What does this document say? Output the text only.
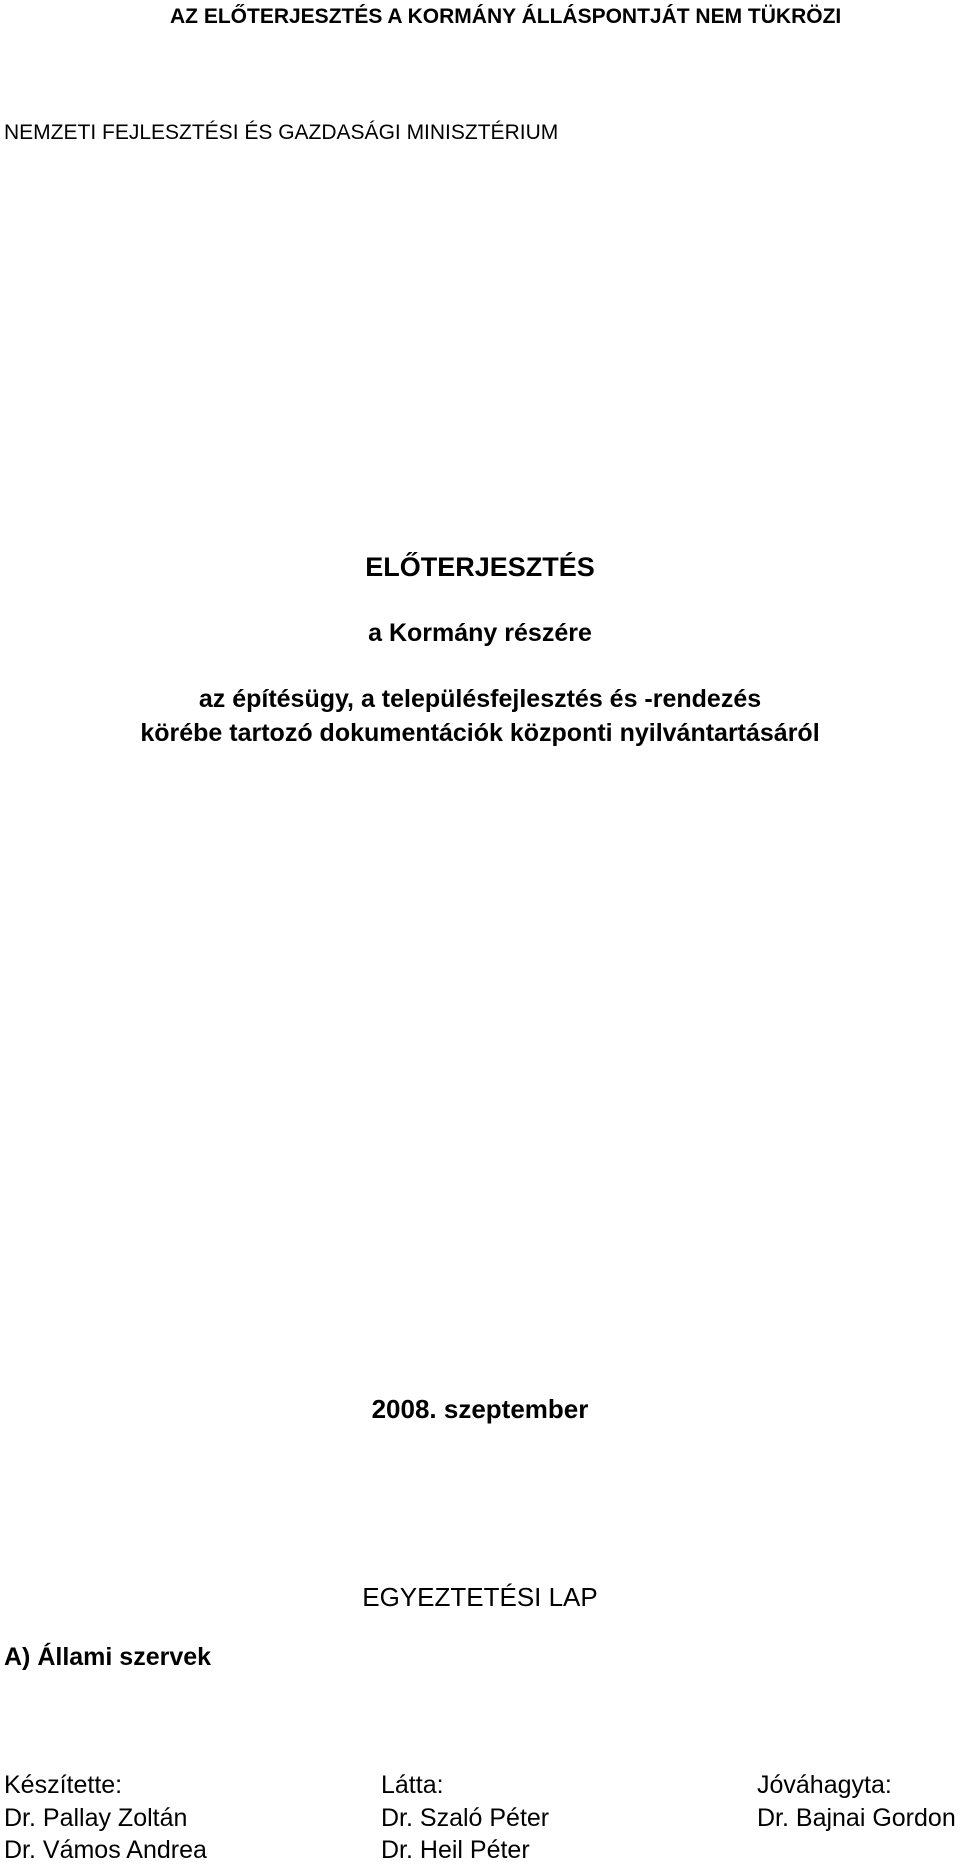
AZ ELŐTERJESZTÉS A KORMÁNY ÁLLÁSPONTJÁT NEM TÜKRÖZI
NEMZETI FEJLESZTÉSI ÉS GAZDASÁGI MINISZTÉRIUM
ELŐTERJESZTÉS
a Kormány részére
az építésügy, a településfejlesztés és -rendezés
körébe tartozó dokumentációk központi nyilvántartásáról
2008. szeptember
EGYEZTETÉSI LAP
A) Állami szervek
Készítette:
Dr. Pallay Zoltán
Dr. Vámos Andrea
Látta:
Dr. Szaló Péter
Dr. Heil Péter
Jóváhagyta:
Dr. Bajnai Gordon
